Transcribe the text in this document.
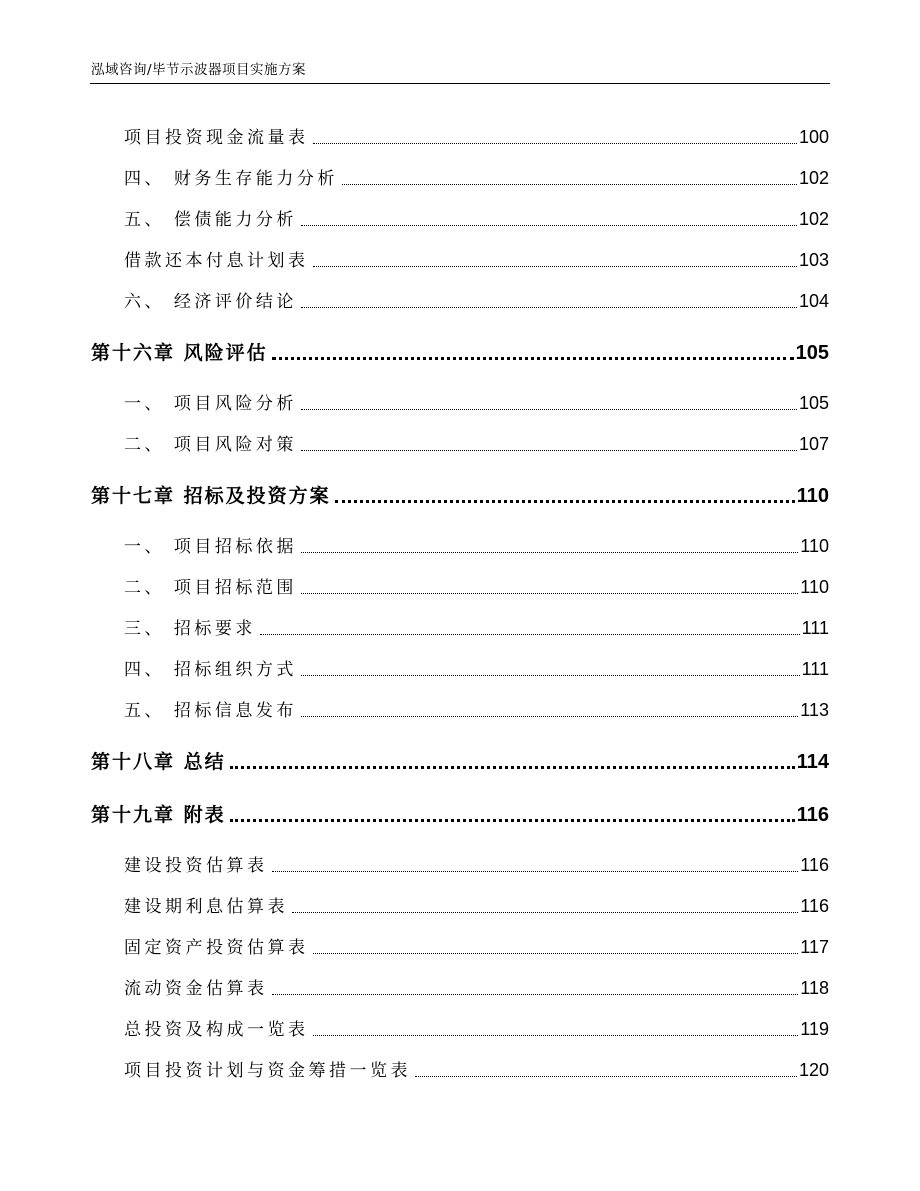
泓域咨询/毕节示波器项目实施方案
项目投资现金流量表	100
四、 财务生存能力分析	102
五、 偿债能力分析	102
借款还本付息计划表	103
六、 经济评价结论	104
第十六章 风险评估	105
一、 项目风险分析	105
二、 项目风险对策	107
第十七章 招标及投资方案	110
一、 项目招标依据	110
二、 项目招标范围	110
三、 招标要求	111
四、 招标组织方式	111
五、 招标信息发布	113
第十八章 总结	114
第十九章 附表	116
建设投资估算表	116
建设期利息估算表	116
固定资产投资估算表	117
流动资金估算表	118
总投资及构成一览表	119
项目投资计划与资金筹措一览表	120
